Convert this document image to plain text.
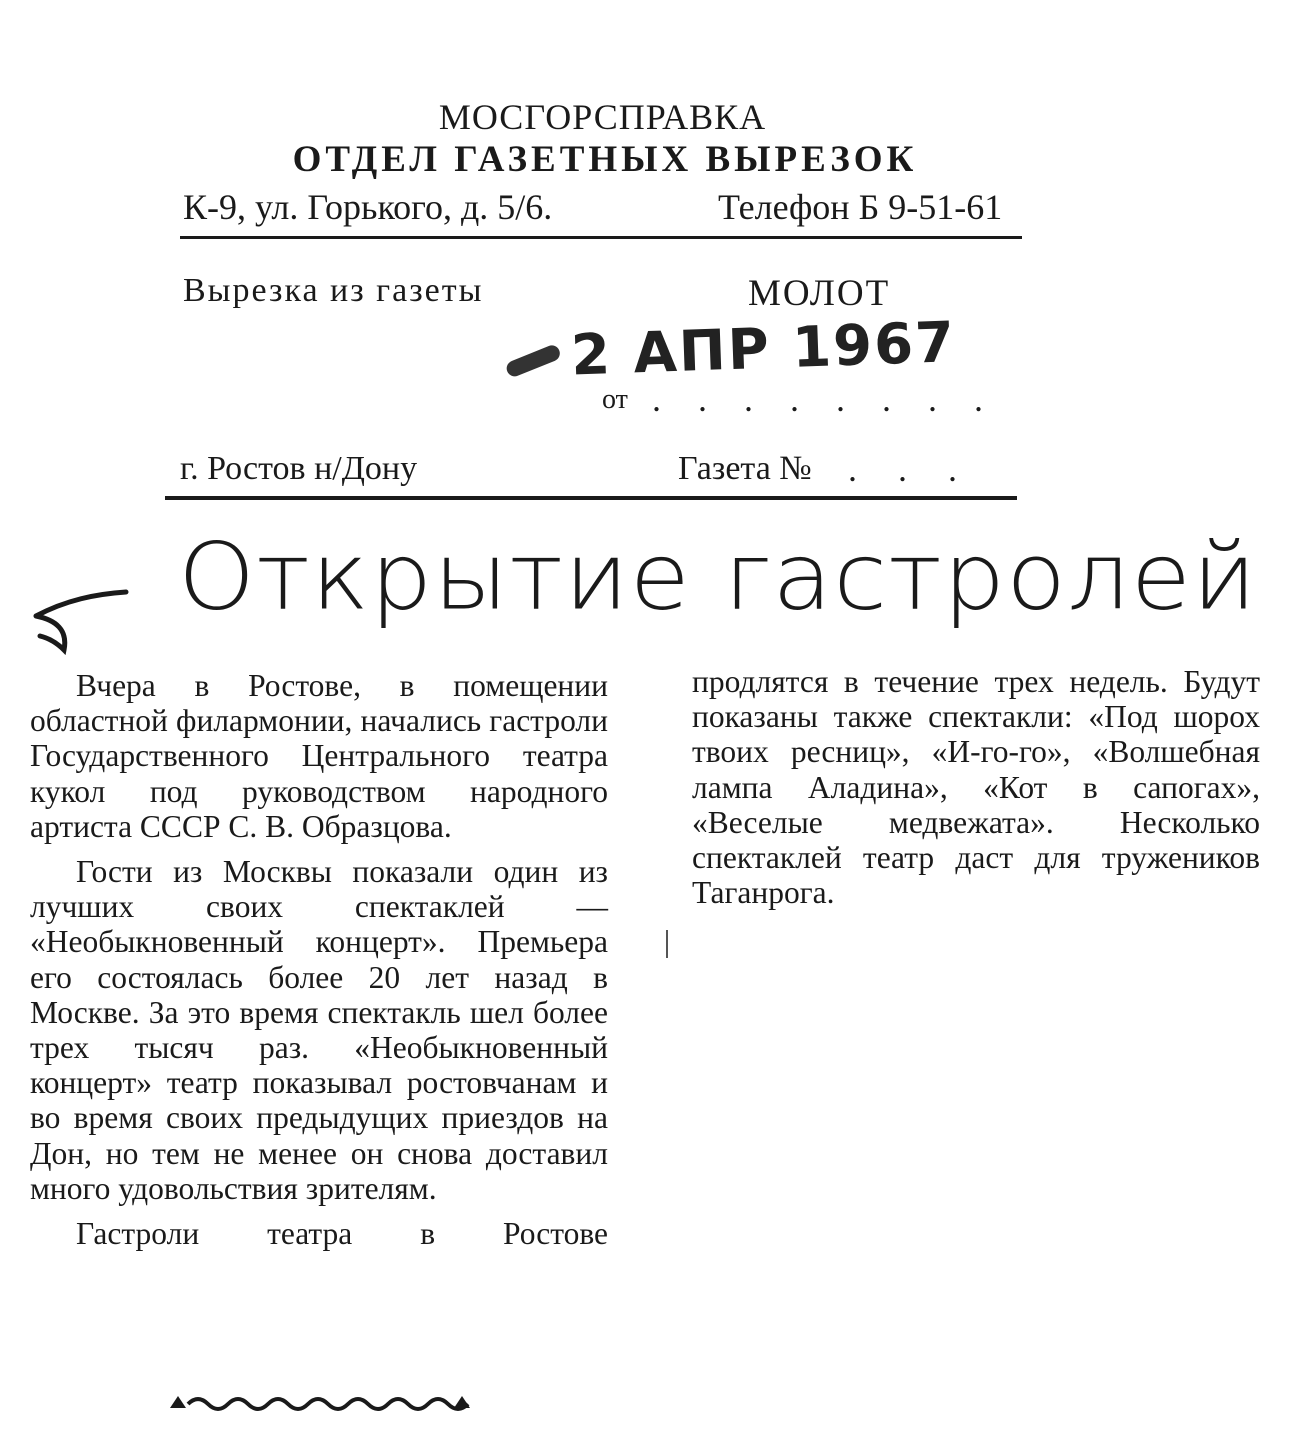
МОСГОРСПРАВКА
ОТДЕЛ ГАЗЕТНЫХ ВЫРЕЗОК
К-9, ул. Горького, д. 5/6.	Телефон Б 9-51-61
Вырезка из газеты	МОЛОТ
2 АПР 1967
от . . . . . . . .
г. Ростов н/Дону	Газета № . . .
Открытие гастролей

Вчера в Ростове, в помещении областной филармонии, начались гастроли Государственного Центрального театра кукол под руководством народного артиста СССР С. В. Образцова.

Гости из Москвы показали один из лучших своих спектаклей — «Необыкновенный концерт». Премьера его состоялась более 20 лет назад в Москве. За это время спектакль шел более трех тысяч раз. «Необыкновенный концерт» театр показывал ростовчанам и во время своих предыдущих приездов на Дон, но тем не менее он снова доставил много удовольствия зрителям.

Гастроли театра в Ростове

продлятся в течение трех недель. Будут показаны также спектакли: «Под шорох твоих ресниц», «И-го-го», «Волшебная лампа Аладина», «Кот в сапогах», «Веселые медвежата». Несколько спектаклей театр даст для тружеников Таганрога.
